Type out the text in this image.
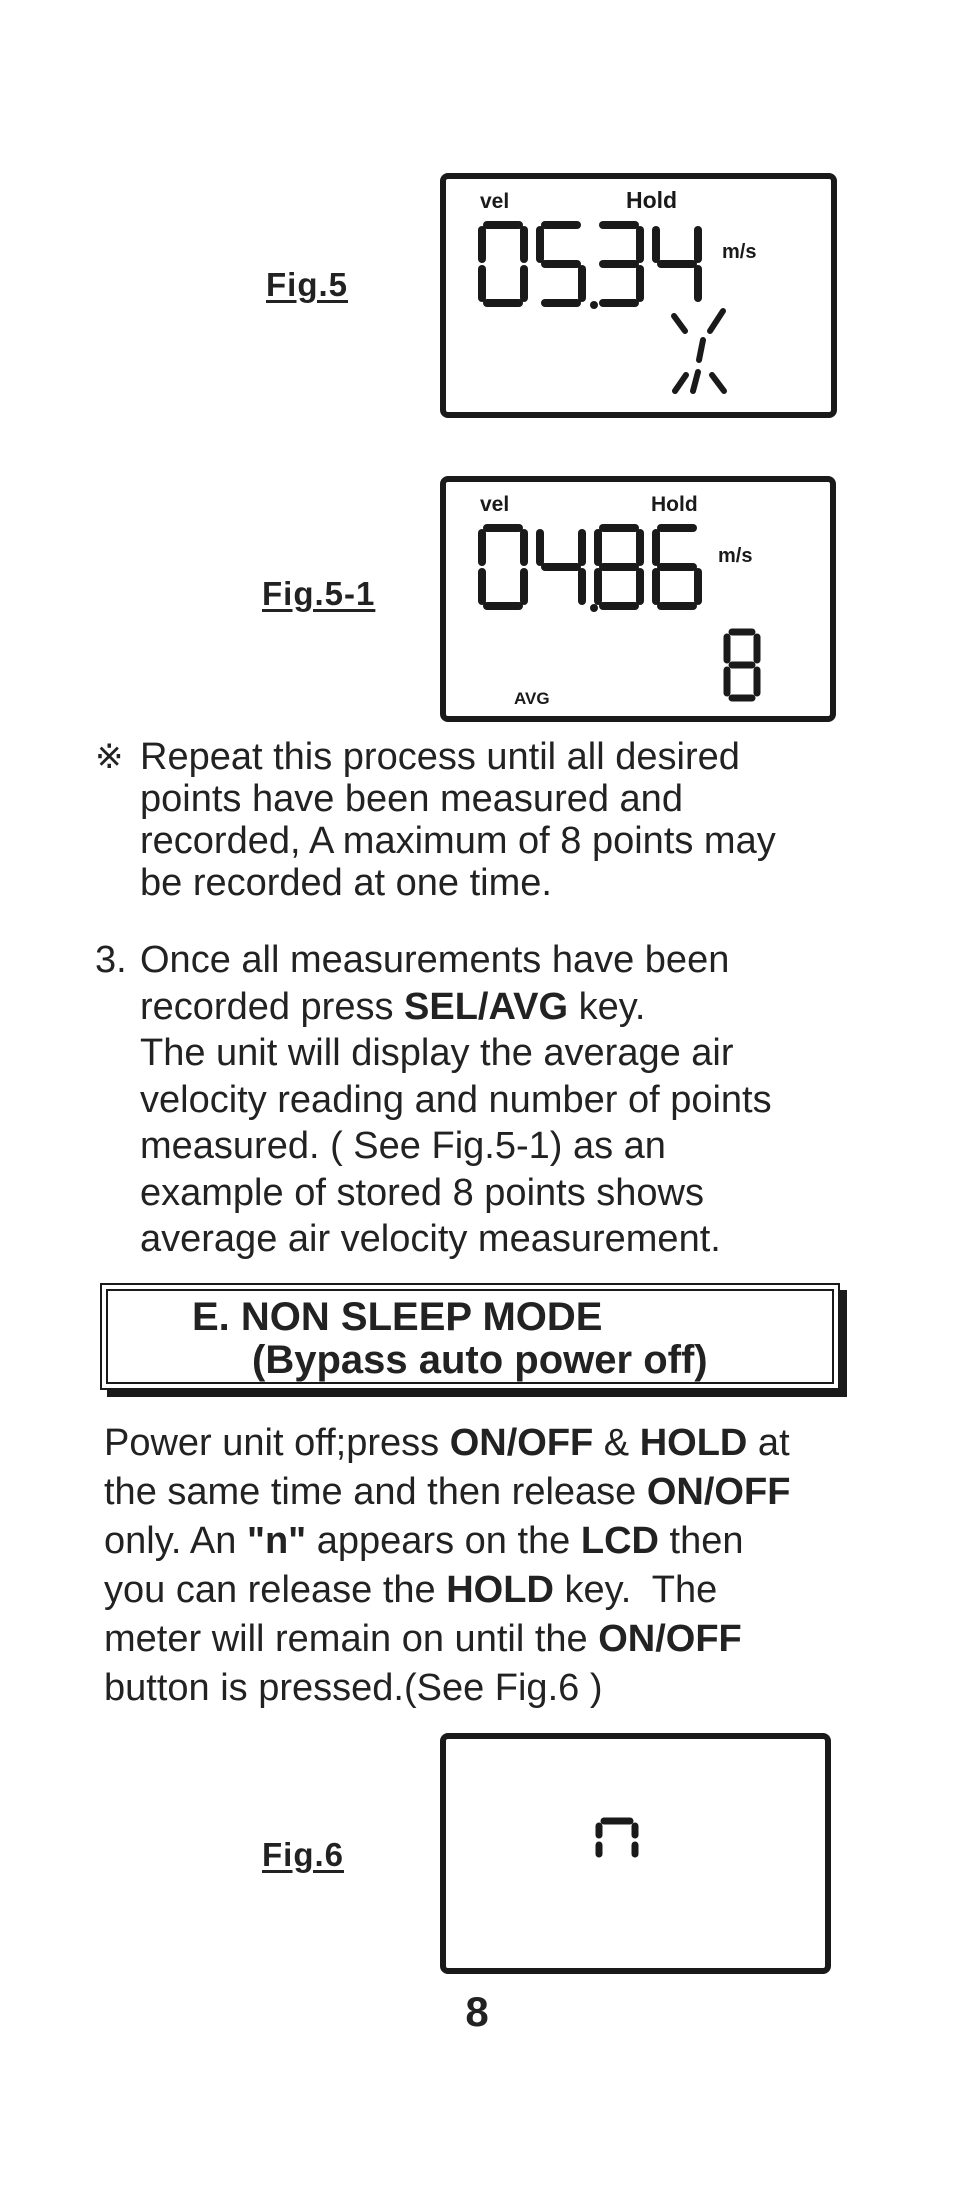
Fig.5
vel	Hold
m/s
Fig.5-1
vel	Hold
m/s
AVG
※ Repeat this process until all desired
points have been measured and
recorded, A maximum of 8 points may
be recorded at one time.
3. Once all measurements have been
recorded press SEL/AVG key.
The unit will display the average air
velocity reading and number of points
measured. ( See Fig.5-1) as an
example of stored 8 points shows
average air velocity measurement.
E. NON SLEEP MODE
(Bypass auto power off)
Power unit off;press ON/OFF & HOLD at
the same time and then release ON/OFF
only. An "n" appears on the LCD then
you can release the HOLD key.  The
meter will remain on until the ON/OFF
button is pressed.(See Fig.6 )
Fig.6
8
